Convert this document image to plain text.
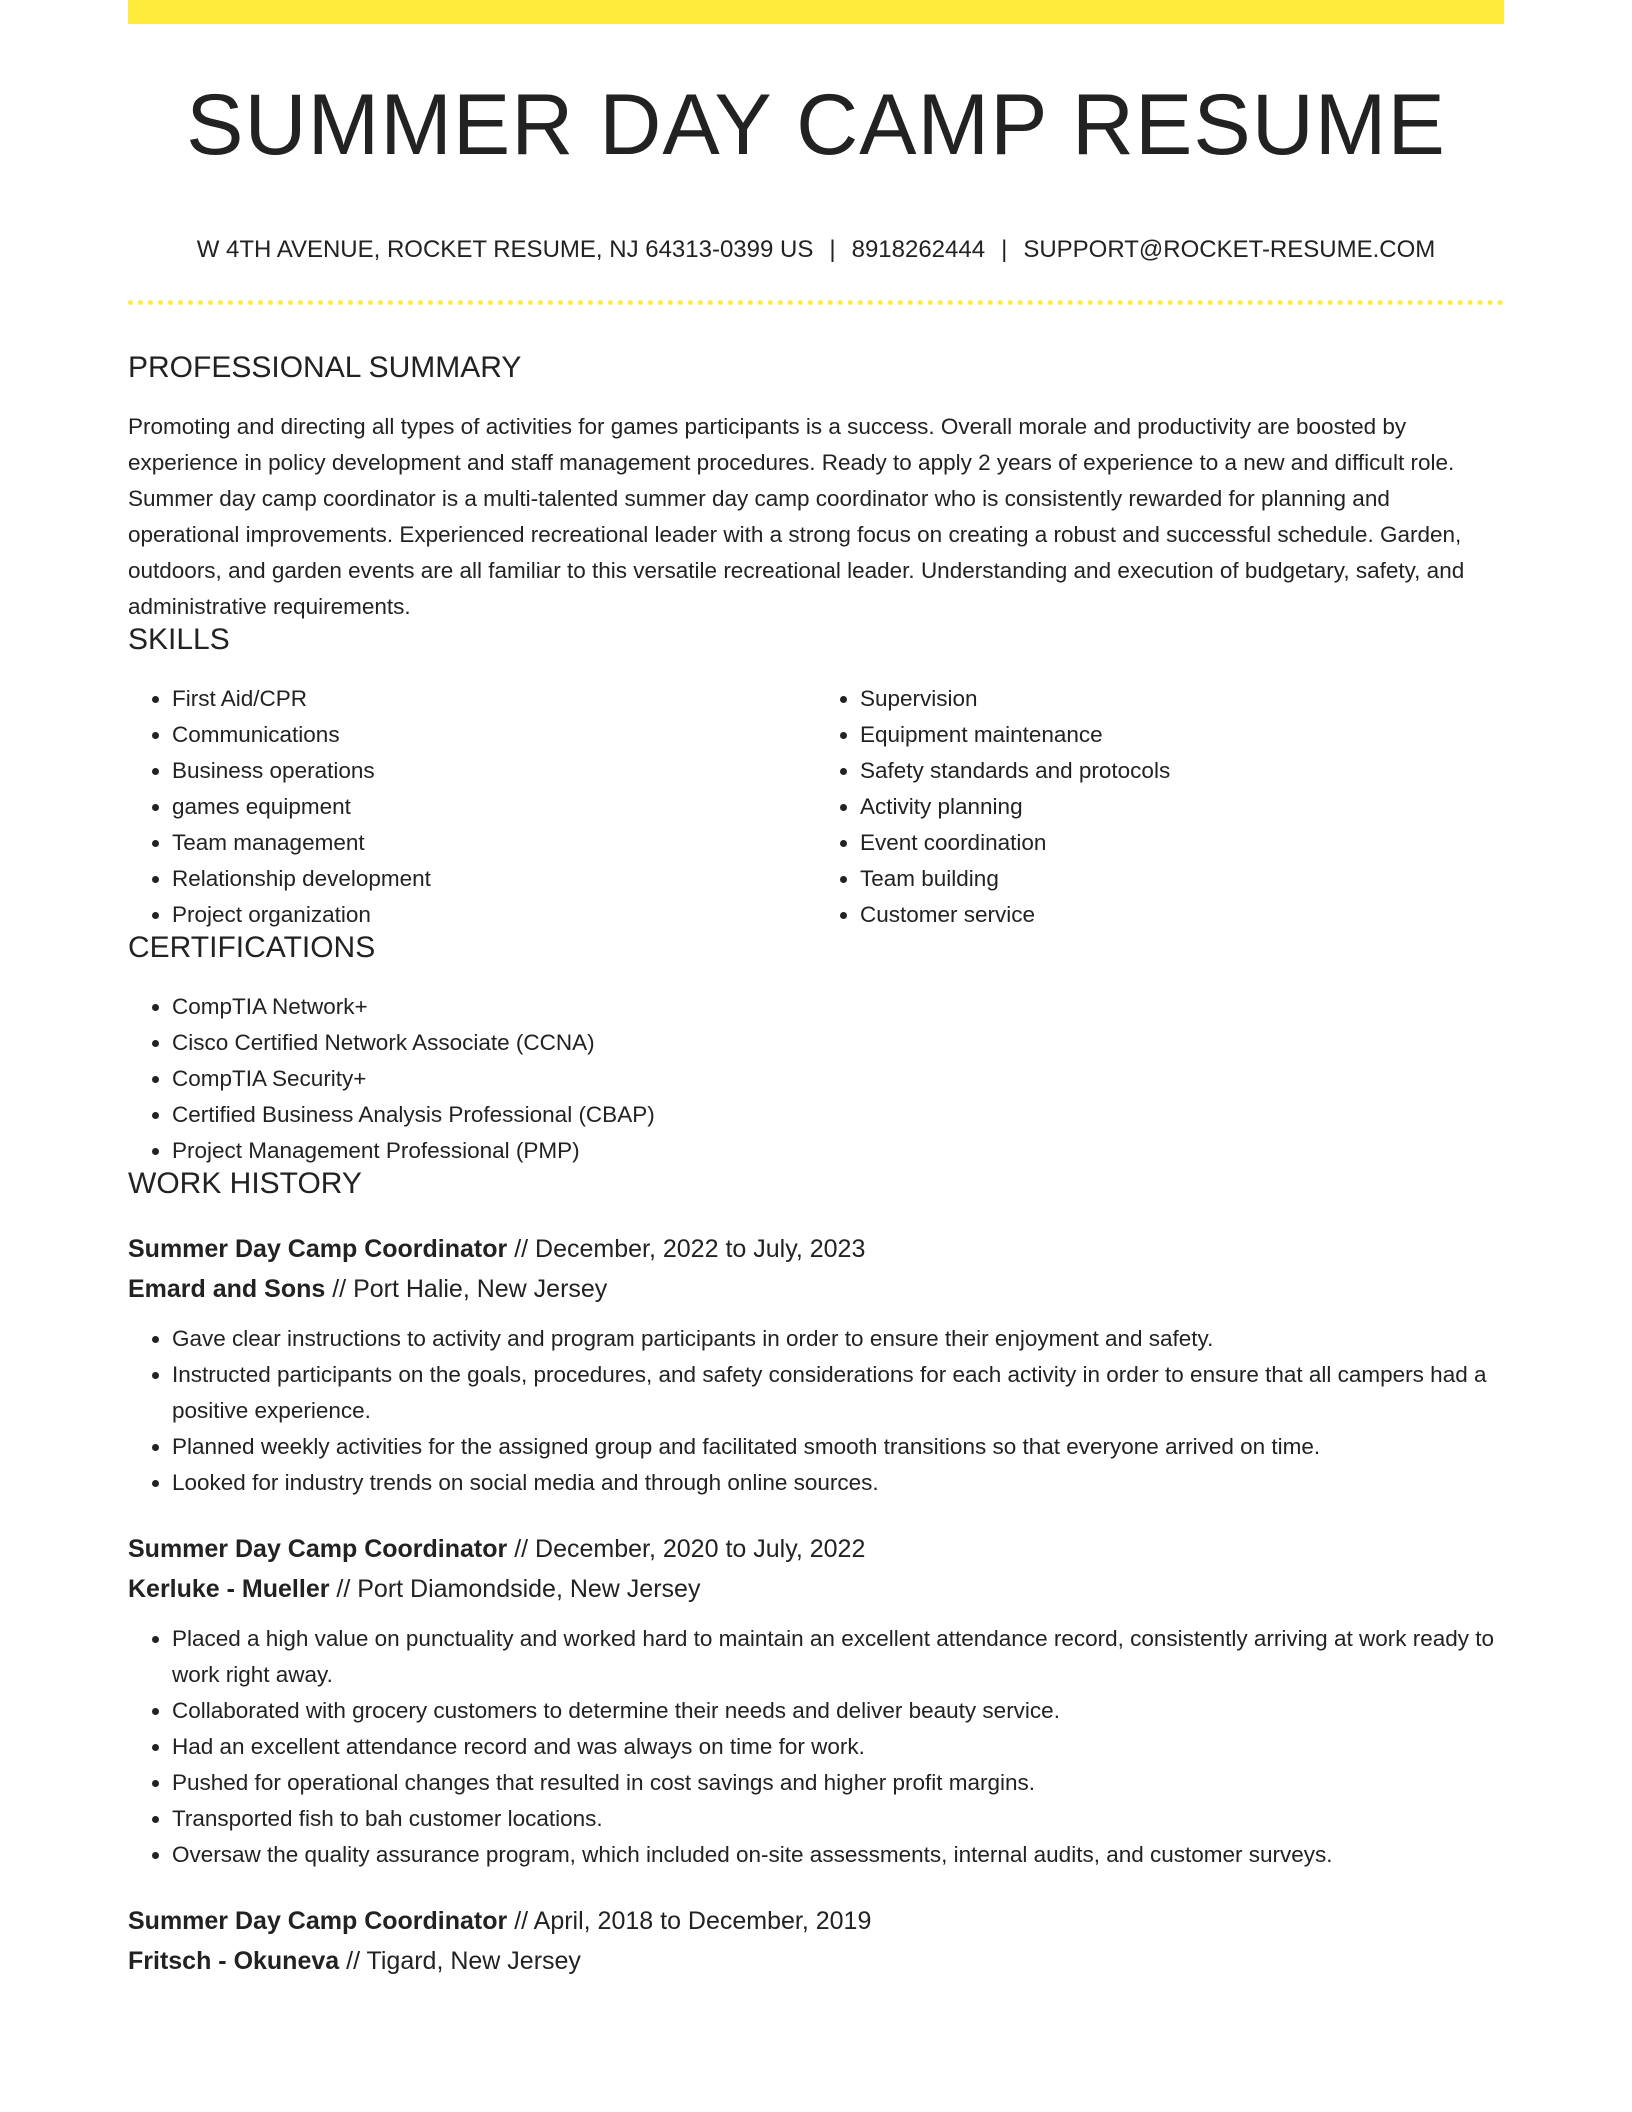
SUMMER DAY CAMP RESUME
W 4TH AVENUE, ROCKET RESUME, NJ 64313-0399 US | 8918262444 | SUPPORT@ROCKET-RESUME.COM
PROFESSIONAL SUMMARY

Promoting and directing all types of activities for games participants is a success. Overall morale and productivity are boosted by experience in policy development and staff management procedures. Ready to apply 2 years of experience to a new and difficult role. Summer day camp coordinator is a multi-talented summer day camp coordinator who is consistently rewarded for planning and operational improvements. Experienced recreational leader with a strong focus on creating a robust and successful schedule. Garden, outdoors, and garden events are all familiar to this versatile recreational leader. Understanding and execution of budgetary, safety, and administrative requirements.

SKILLS
• First Aid/CPR
• Communications
• Business operations
• games equipment
• Team management
• Relationship development
• Project organization
• Supervision
• Equipment maintenance
• Safety standards and protocols
• Activity planning
• Event coordination
• Team building
• Customer service
CERTIFICATIONS
• CompTIA Network+
• Cisco Certified Network Associate (CCNA)
• CompTIA Security+
• Certified Business Analysis Professional (CBAP)
• Project Management Professional (PMP)
WORK HISTORY
Summer Day Camp Coordinator // December, 2022 to July, 2023
Emard and Sons // Port Halie, New Jersey
• Gave clear instructions to activity and program participants in order to ensure their enjoyment and safety.
• Instructed participants on the goals, procedures, and safety considerations for each activity in order to ensure that all campers had a positive experience.
• Planned weekly activities for the assigned group and facilitated smooth transitions so that everyone arrived on time.
• Looked for industry trends on social media and through online sources.
Summer Day Camp Coordinator // December, 2020 to July, 2022
Kerluke - Mueller // Port Diamondside, New Jersey
• Placed a high value on punctuality and worked hard to maintain an excellent attendance record, consistently arriving at work ready to work right away.
• Collaborated with grocery customers to determine their needs and deliver beauty service.
• Had an excellent attendance record and was always on time for work.
• Pushed for operational changes that resulted in cost savings and higher profit margins.
• Transported fish to bah customer locations.
• Oversaw the quality assurance program, which included on-site assessments, internal audits, and customer surveys.
Summer Day Camp Coordinator // April, 2018 to December, 2019
Fritsch - Okuneva // Tigard, New Jersey
